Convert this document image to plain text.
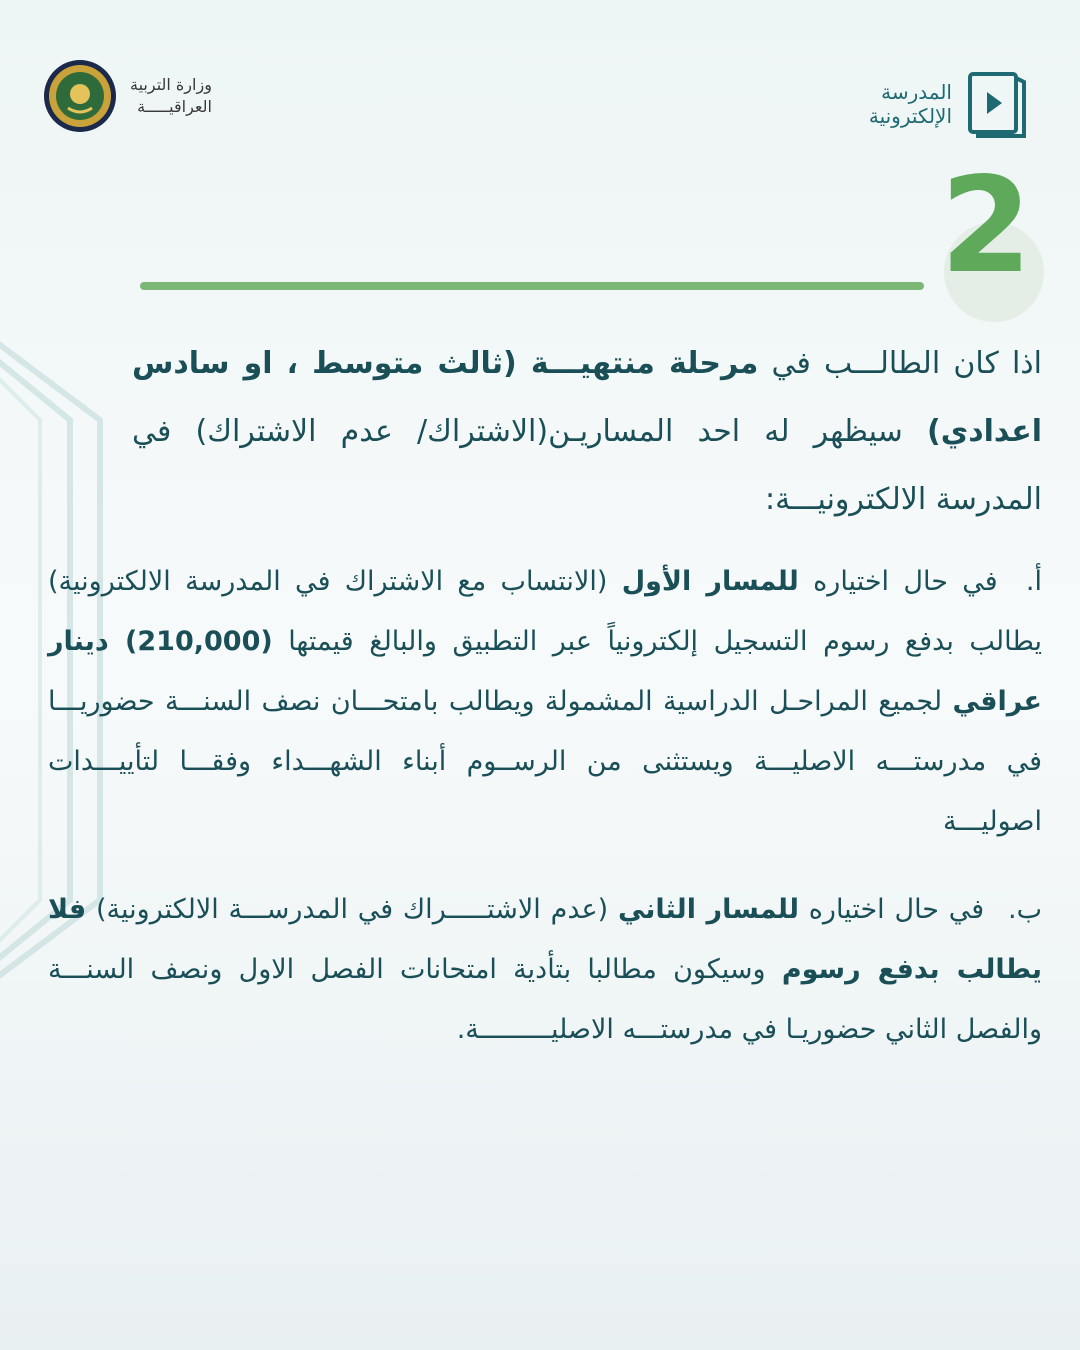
المدرسة
الإلكترونية
وزارة التربية
العراقيـــــة
2

اذا كان الطالـــب في مرحلة منتهيـــة (ثالث متوسط ، او سادس اعدادي) سيظهر له احد المساريـن(الاشتراك/ عدم الاشتراك) في المدرسة الالكترونيـــة:

أ. في حال اختياره للمسار الأول (الانتساب مع الاشتراك في المدرسة الالكترونية) يطالب بدفع رسوم التسجيل إلكترونياً عبر التطبيق والبالغ قيمتها (210,000) دينار عراقي لجميع المراحـل الدراسية المشمولة ويطالب بامتحـــان نصف السنـــة حضوريـــا في مدرستـــه الاصليـــة ويستثنى من الرســوم أبناء الشهـــداء وفقـــا لتأييـــدات اصوليـــة

ب. في حال اختياره للمسار الثاني (عدم الاشتـــــراك في المدرســـة الالكترونية) فلا يطالب بدفع رسوم وسيكون مطالبا بتأدية امتحانات الفصل الاول ونصف السنـــة والفصل الثاني حضوريـا في مدرستـــه الاصليـــــــــة.
